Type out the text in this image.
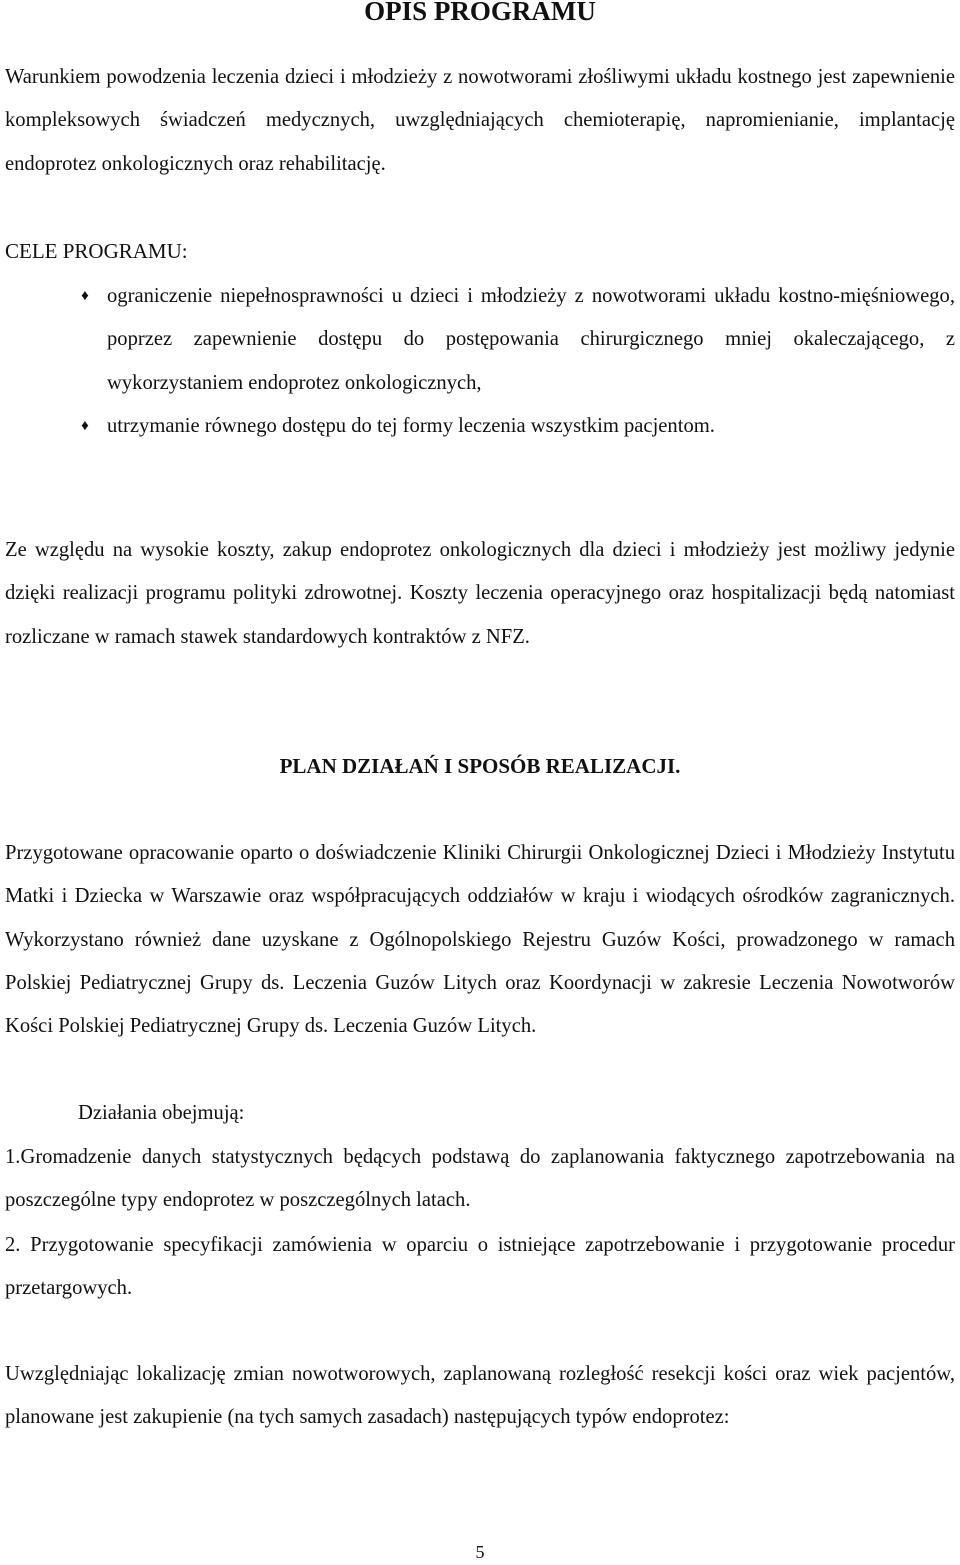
OPIS PROGRAMU

Warunkiem powodzenia leczenia dzieci i młodzieży z nowotworami złośliwymi układu kostnego jest zapewnienie kompleksowych świadczeń medycznych, uwzględniających chemioterapię, napromienianie, implantację endoprotez onkologicznych oraz rehabilitację.

CELE PROGRAMU:

♦ ograniczenie niepełnosprawności u dzieci i młodzieży z nowotworami układu kostno-mięśniowego, poprzez zapewnienie dostępu do postępowania chirurgicznego mniej okaleczającego, z wykorzystaniem endoprotez onkologicznych,
♦ utrzymanie równego dostępu do tej formy leczenia wszystkim pacjentom.

Ze względu na wysokie koszty, zakup endoprotez onkologicznych dla dzieci i młodzieży jest możliwy jedynie dzięki realizacji programu polityki zdrowotnej. Koszty leczenia operacyjnego oraz hospitalizacji będą natomiast rozliczane w ramach stawek standardowych kontraktów z NFZ.

PLAN DZIAŁAŃ I SPOSÓB REALIZACJI.

Przygotowane opracowanie oparto o doświadczenie Kliniki Chirurgii Onkologicznej Dzieci i Młodzieży Instytutu Matki i Dziecka w Warszawie oraz współpracujących oddziałów w kraju i wiodących ośrodków zagranicznych. Wykorzystano również dane uzyskane z Ogólnopolskiego Rejestru Guzów Kości, prowadzonego w ramach Polskiej Pediatrycznej Grupy ds. Leczenia Guzów Litych oraz Koordynacji w zakresie Leczenia Nowotworów Kości Polskiej Pediatrycznej Grupy ds. Leczenia Guzów Litych.

Działania obejmują:

1.Gromadzenie danych statystycznych będących podstawą do zaplanowania faktycznego zapotrzebowania na poszczególne typy endoprotez w poszczególnych latach.

2. Przygotowanie specyfikacji zamówienia w oparciu o istniejące zapotrzebowanie i przygotowanie procedur przetargowych.

Uwzględniając lokalizację zmian nowotworowych, zaplanowaną rozległość resekcji kości oraz wiek pacjentów, planowane jest zakupienie (na tych samych zasadach) następujących typów endoprotez:

5
